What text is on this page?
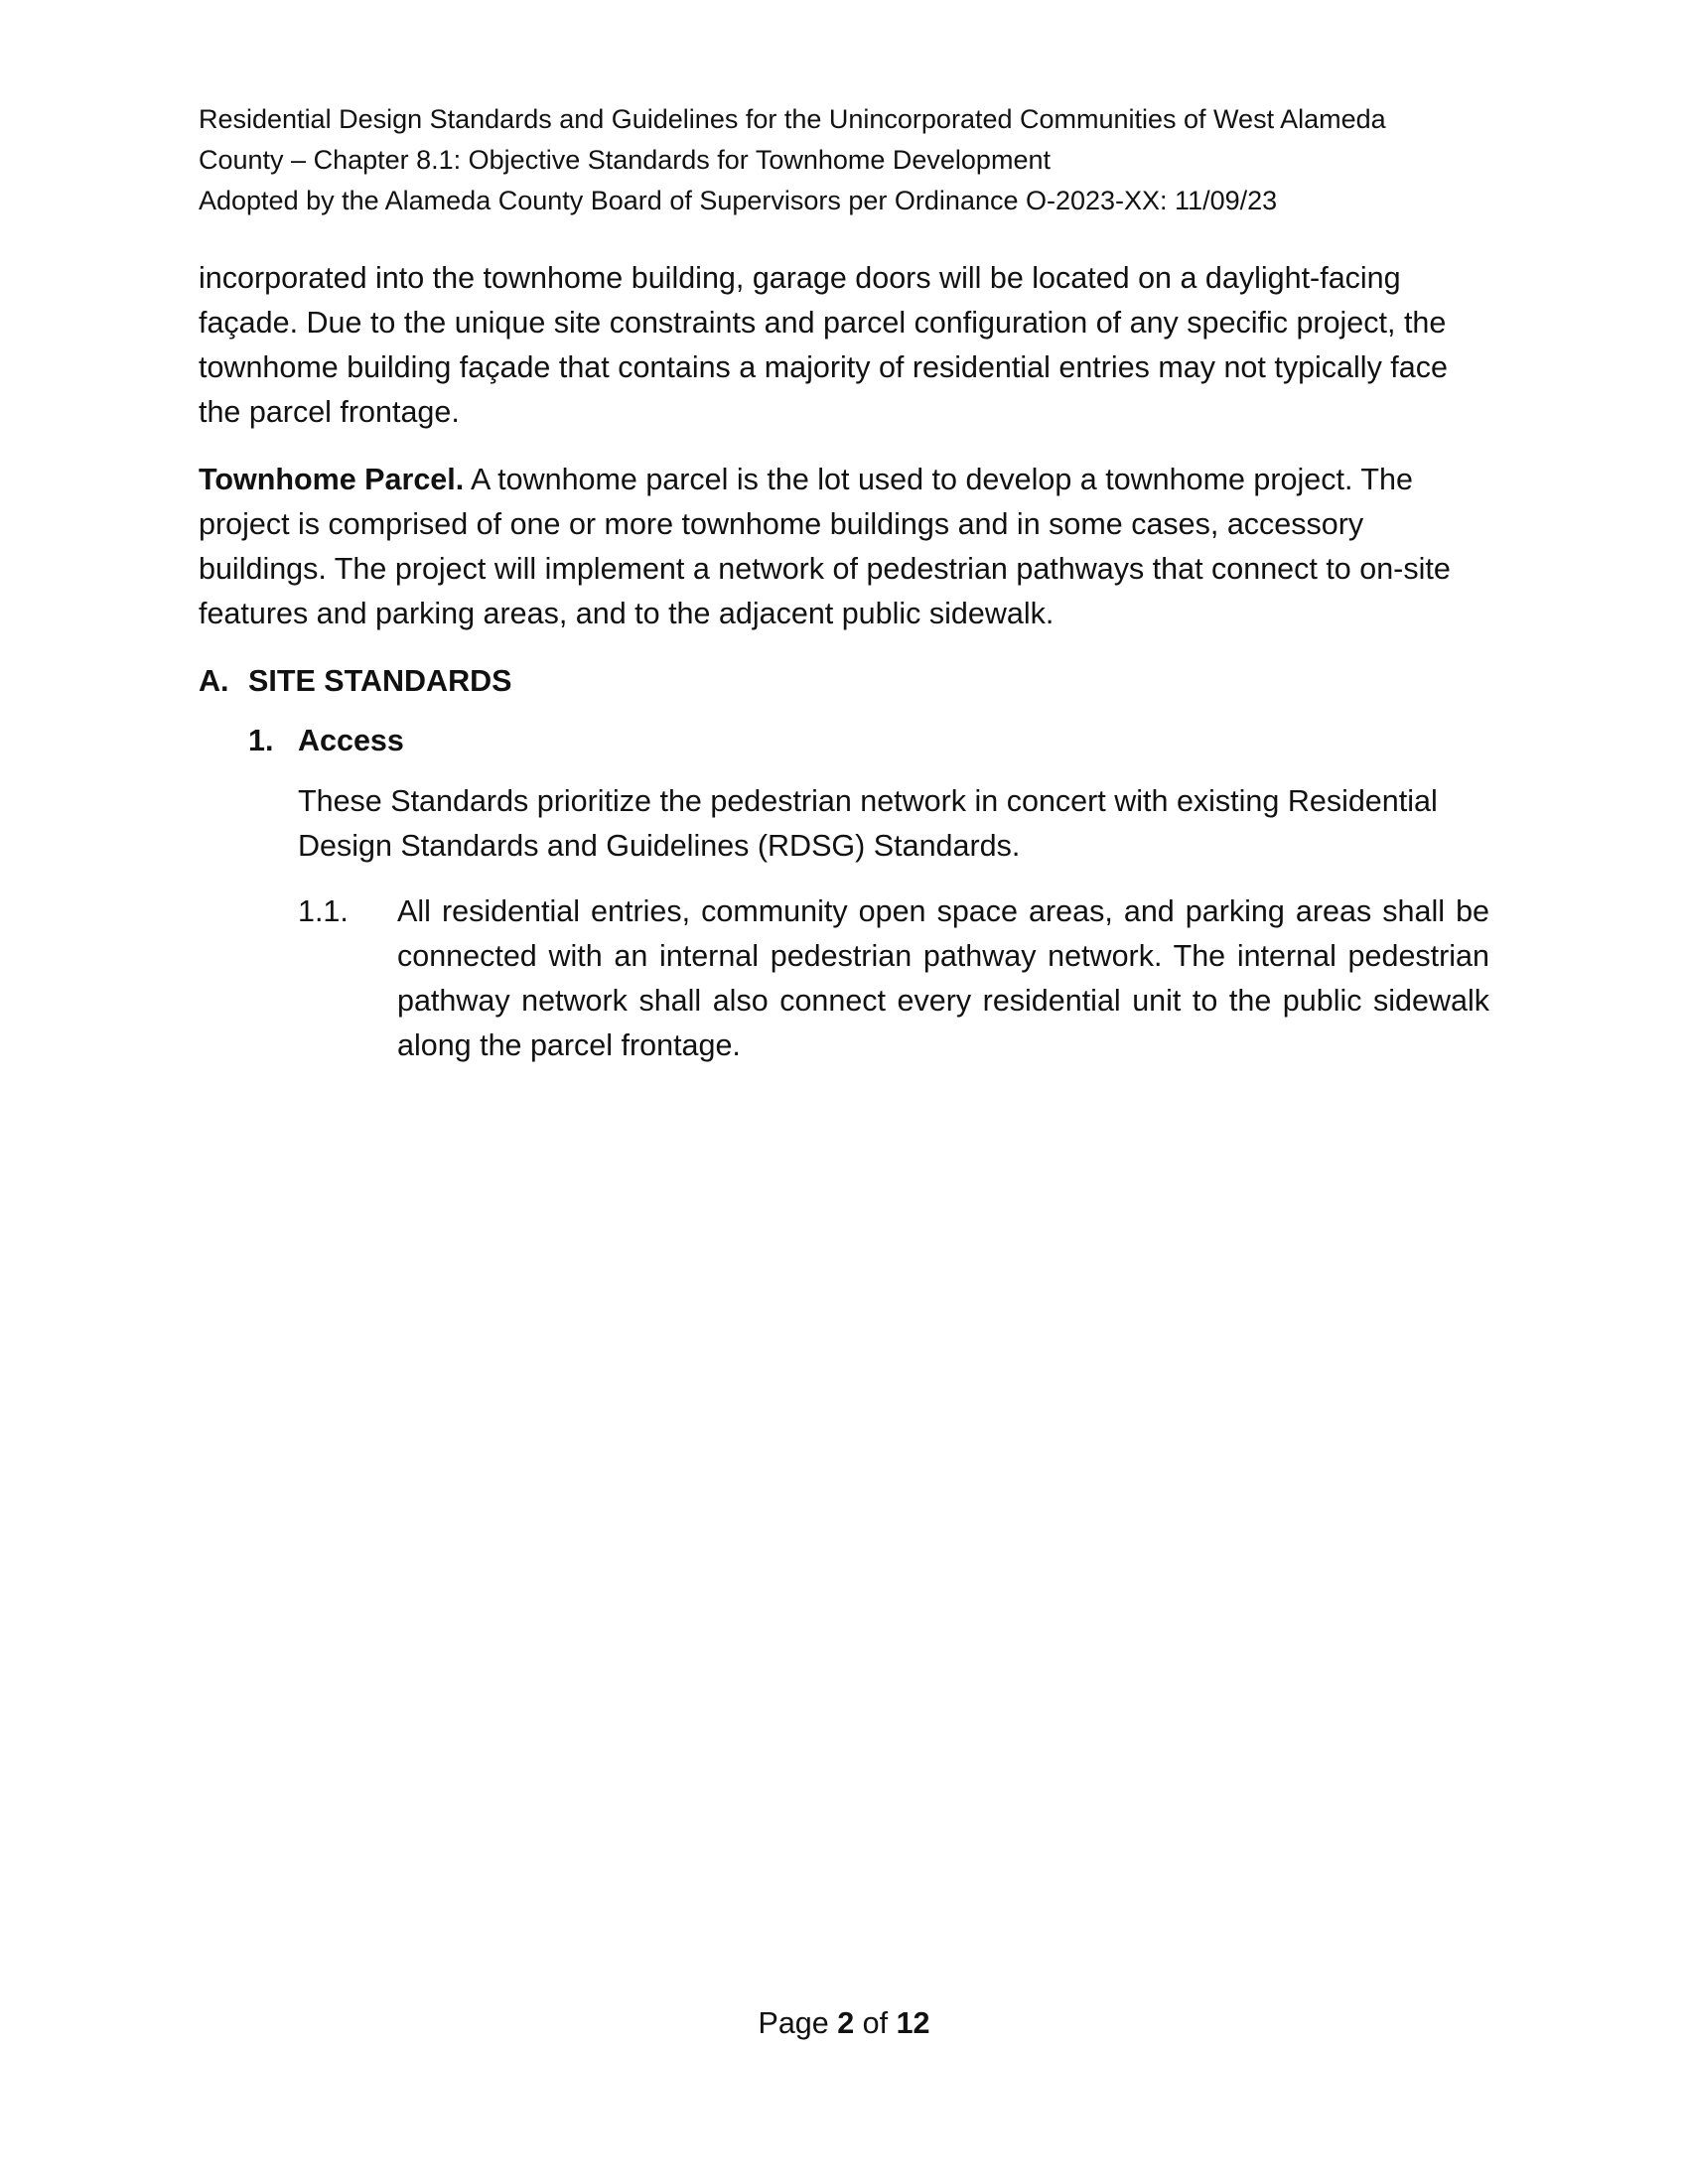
Residential Design Standards and Guidelines for the Unincorporated Communities of West Alameda
County – Chapter 8.1: Objective Standards for Townhome Development
Adopted by the Alameda County Board of Supervisors per Ordinance O-2023-XX: 11/09/23

incorporated into the townhome building, garage doors will be located on a daylight-facing façade. Due to the unique site constraints and parcel configuration of any specific project, the townhome building façade that contains a majority of residential entries may not typically face the parcel frontage.

Townhome Parcel. A townhome parcel is the lot used to develop a townhome project. The project is comprised of one or more townhome buildings and in some cases, accessory buildings. The project will implement a network of pedestrian pathways that connect to on-site features and parking areas, and to the adjacent public sidewalk.

A. SITE STANDARDS
1. Access

These Standards prioritize the pedestrian network in concert with existing Residential Design Standards and Guidelines (RDSG) Standards.

1.1. All residential entries, community open space areas, and parking areas shall be connected with an internal pedestrian pathway network. The internal pedestrian pathway network shall also connect every residential unit to the public sidewalk along the parcel frontage.

Page 2 of 12
